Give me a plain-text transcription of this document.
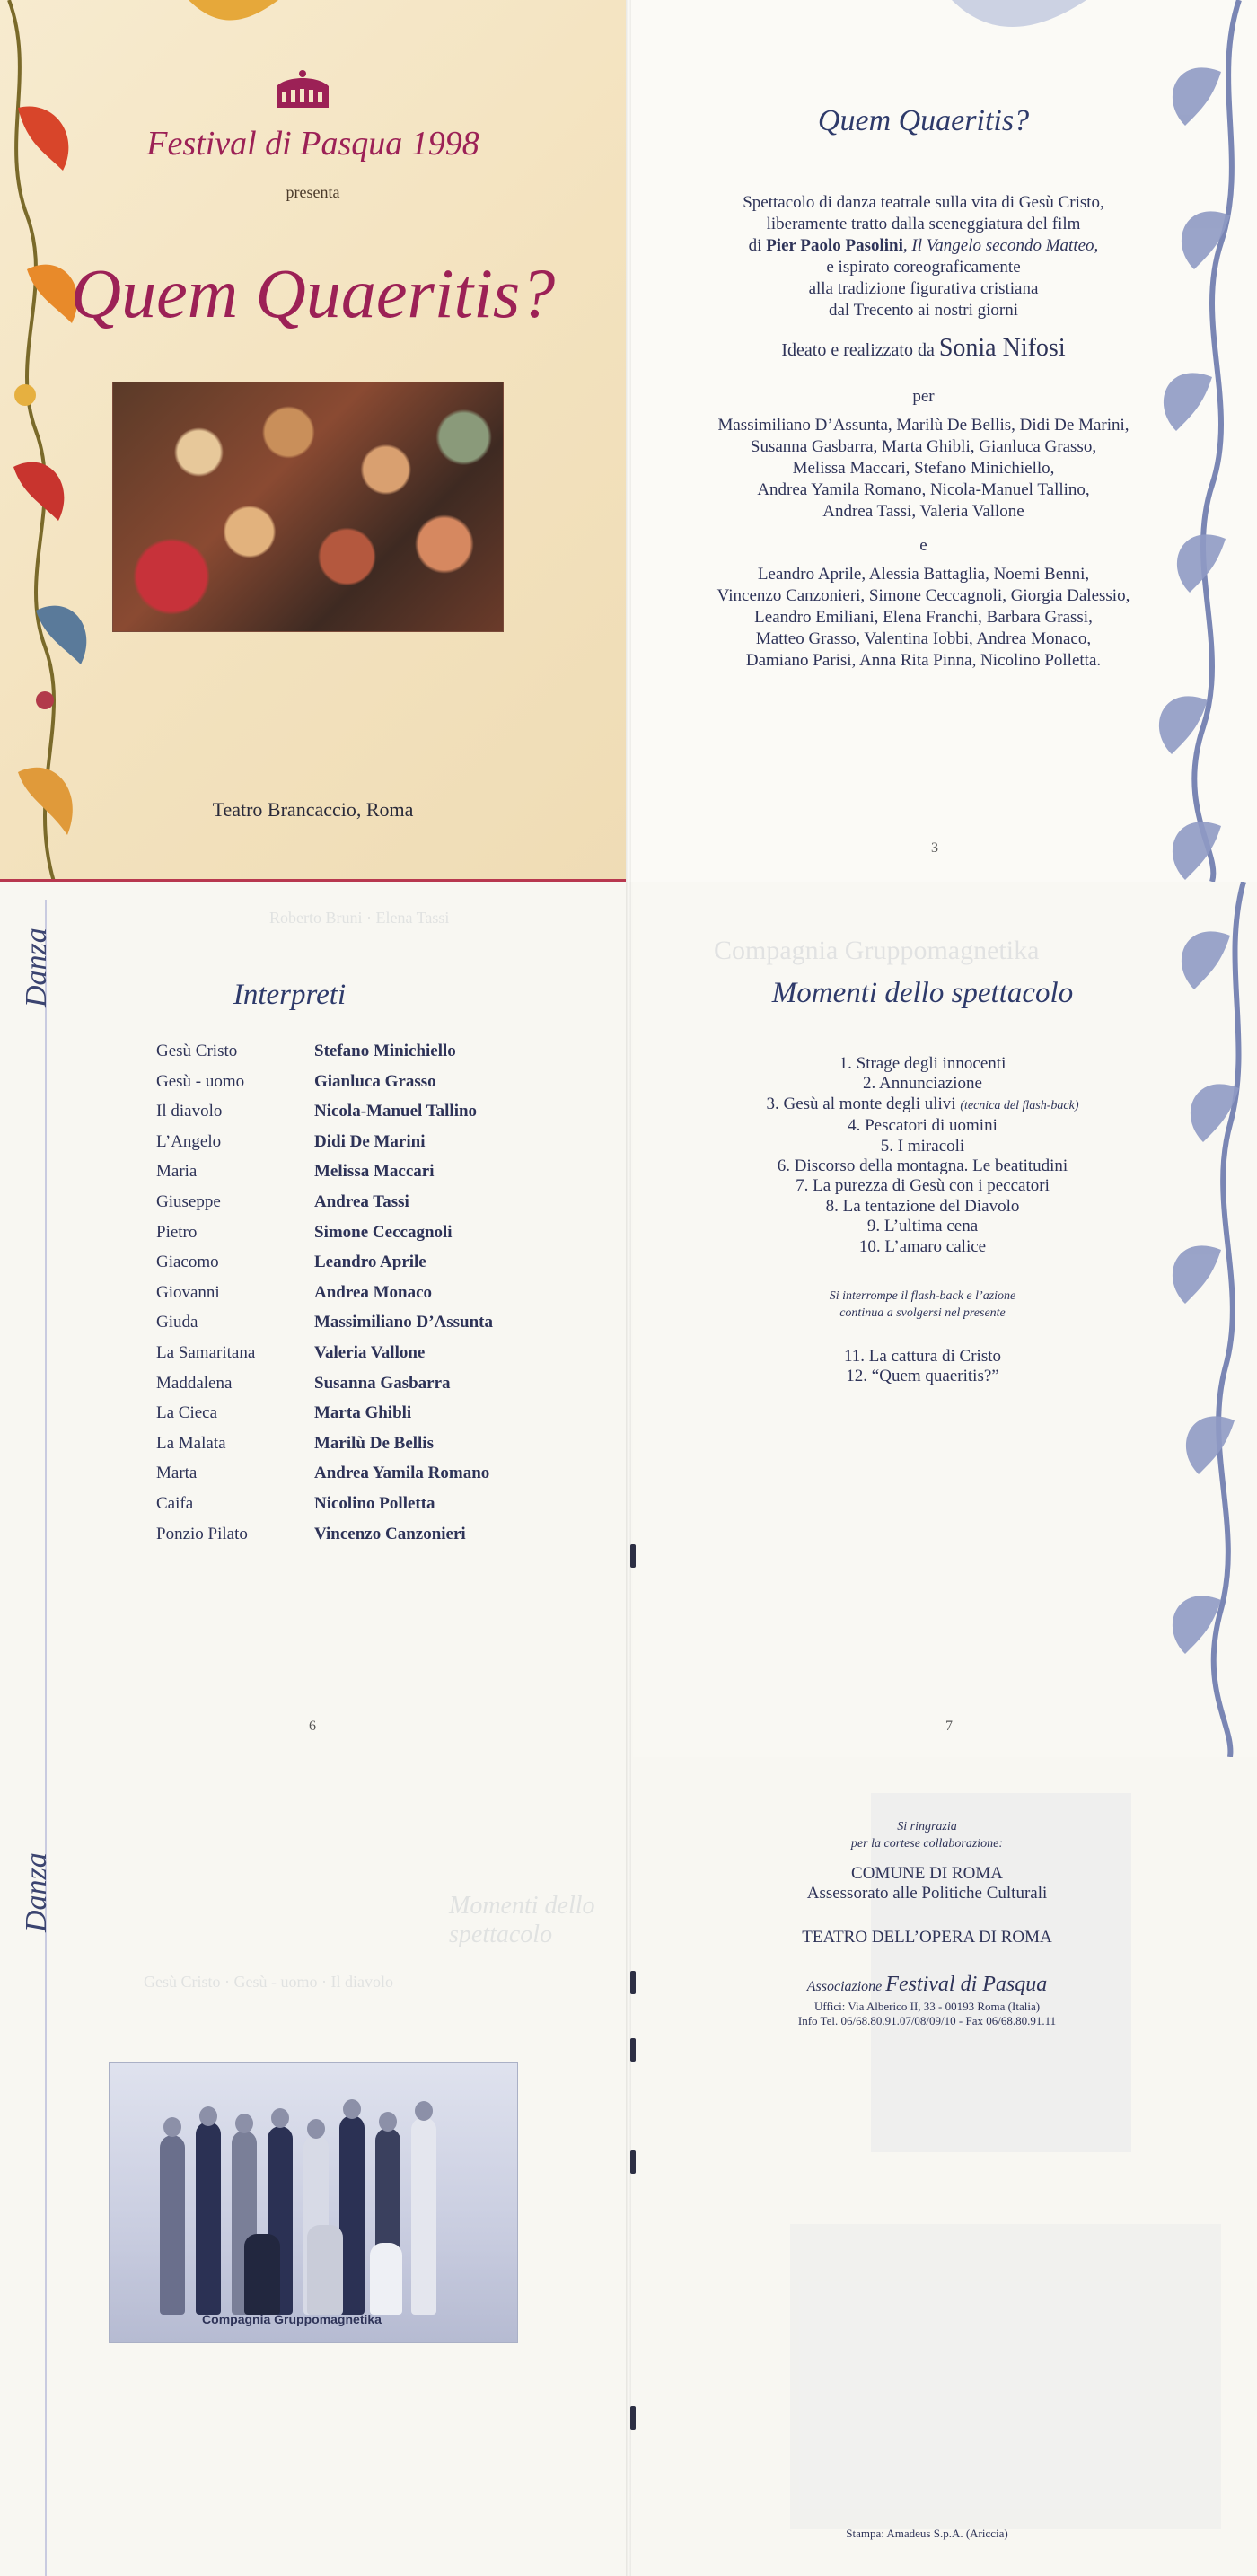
Festival di Pasqua 1998
presenta
Quem Quaeritis?
Teatro Brancaccio, Roma
Quem Quaeritis?
Spettacolo di danza teatrale sulla vita di Gesù Cristo,
liberamente tratto dalla sceneggiatura del film
di Pier Paolo Pasolini, Il Vangelo secondo Matteo,
e ispirato coreograficamente
alla tradizione figurativa cristiana
dal Trecento ai nostri giorni
Ideato e realizzato da Sonia Nifosi
per
Massimiliano D’Assunta, Marilù De Bellis, Didi De Marini,
Susanna Gasbarra, Marta Ghibli, Gianluca Grasso,
Melissa Maccari, Stefano Minichiello,
Andrea Yamila Romano, Nicola-Manuel Tallino,
Andrea Tassi, Valeria Vallone
e
Leandro Aprile, Alessia Battaglia, Noemi Benni,
Vincenzo Canzonieri, Simone Ceccagnoli, Giorgia Dalessio,
Leandro Emiliani, Elena Franchi, Barbara Grassi,
Matteo Grasso, Valentina Iobbi, Andrea Monaco,
Damiano Parisi, Anna Rita Pinna, Nicolino Polletta.
3
Danza
Roberto Bruni · Elena Tassi
Interpreti
Gesù Cristo	Stefano Minichiello
Gesù - uomo	Gianluca Grasso
Il diavolo	Nicola-Manuel Tallino
L’Angelo	Didi De Marini
Maria	Melissa Maccari
Giuseppe	Andrea Tassi
Pietro	Simone Ceccagnoli
Giacomo	Leandro Aprile
Giovanni	Andrea Monaco
Giuda	Massimiliano D’Assunta
La Samaritana	Valeria Vallone
Maddalena	Susanna Gasbarra
La Cieca	Marta Ghibli
La Malata	Marilù De Bellis
Marta	Andrea Yamila Romano
Caifa	Nicolino Polletta
Ponzio Pilato	Vincenzo Canzonieri
6
Compagnia Gruppomagnetika
Momenti dello spettacolo
1. Strage degli innocenti
2. Annunciazione
3. Gesù al monte degli ulivi (tecnica del flash-back)
4. Pescatori di uomini
5. I miracoli
6. Discorso della montagna. Le beatitudini
7. La purezza di Gesù con i peccatori
8. La tentazione del Diavolo
9. L’ultima cena
10. L’amaro calice
Si interrompe il flash-back e l’azione
continua a svolgersi nel presente
11. La cattura di Cristo
12. “Quem quaeritis?”
7
Danza	Momenti dello spettacolo
Gesù Cristo · Gesù - uomo · Il diavolo
Compagnia Gruppomagnetika
Si ringrazia
per la cortese collaborazione:
COMUNE DI ROMA
Assessorato alle Politiche Culturali
TEATRO DELL’OPERA DI ROMA
Associazione Festival di Pasqua
Uffici: Via Alberico II, 33 - 00193 Roma (Italia)
Info Tel. 06/68.80.91.07/08/09/10 - Fax 06/68.80.91.11
Stampa: Amadeus S.p.A. (Ariccia)
